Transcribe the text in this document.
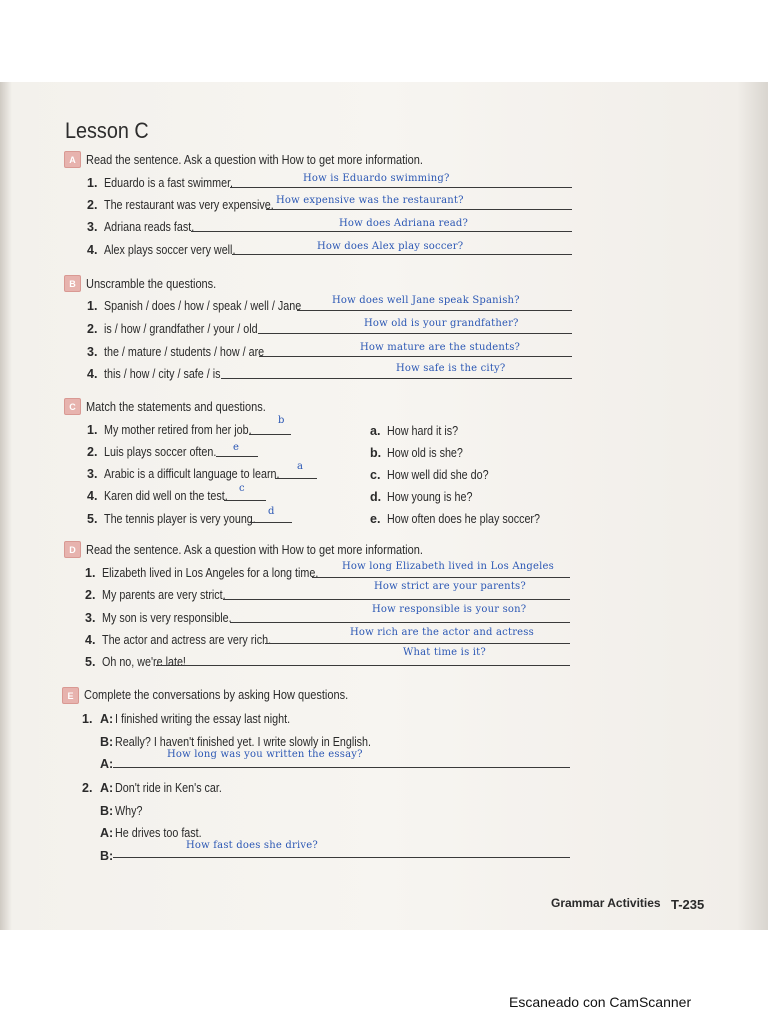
Lesson C
A Read the sentence. Ask a question with How to get more information.
1. Eduardo is a fast swimmer.	How is Eduardo swimming?
2. The restaurant was very expensive. How expensive was the restaurant?
3. Adriana reads fast.	How does Adriana read?
4. Alex plays soccer very well.	How does Alex play soccer?
B Unscramble the questions.
1. Spanish / does / how / speak / well / Jane	How does well Jane speak Spanish?
2. is / how / grandfather / your / old	How old is your grandfather?
3. the / mature / students / how / are	How mature are the students?
4. this / how / city / safe / is	How safe is the city?
C Match the statements and questions.
1. My mother retired from her job.
b
2. Luis plays soccer often. e
3. Arabic is a difficult language to learn.
a
4. Karen did well on the test.
c
5. The tennis player is very young.
d
a. How hard it is?
b. How old is she?
c. How well did she do?
d. How young is he?
e. How often does he play soccer?
D Read the sentence. Ask a question with How to get more information.
1. Elizabeth lived in Los Angeles for a long time. How long Elizabeth lived in Los Angeles
2. My parents are very strict.
How strict are your parents?
3. My son is very responsible.
How responsible is your son?
4. The actor and actress are very rich.
How rich are the actor and actress
5. Oh no, we're late!
What time is it?
E Complete the conversations by asking How questions.
1. A: I finished writing the essay last night.
B: Really? I haven't finished yet. I write slowly in English.
A:
How long was you written the essay?
2. A: Don't ride in Ken's car.
B: Why?
A: He drives too fast.
B:
How fast does she drive?
Grammar Activities T-235
Escaneado con CamScanner
